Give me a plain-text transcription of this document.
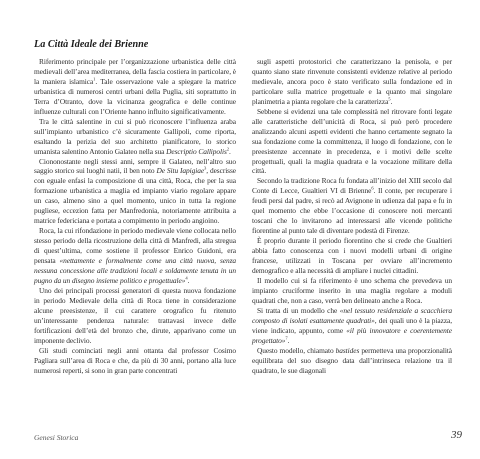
La Città Ideale dei Brienne

Riferimento principale per l’organizzazione urbanistica delle città medievali dell’area mediterranea, della fascia costiera in particolare, è la maniera islamica$^1$. Tale osservazione vale a spiegare la matrice urbanistica di numerosi centri urbani della Puglia, siti soprattutto in Terra d’Otranto, dove la vicinanza geografica e delle continue influenze culturali con l’Oriente hanno influito significativamente.

Tra le città salentine in cui si può riconoscere l’influenza araba sull’impianto urbanistico c’è sicuramente Gallipoli, come riporta, esaltando la perizia del suo architetto pianificatore, lo storico umanista salentino Antonio Galateo nella sua Descriptio Callipolis$^2$.

Ciononostante negli stessi anni, sempre il Galateo, nell’altro suo saggio storico sui luoghi natii, il ben noto De Situ Iapigiae$^3$, descrisse con eguale enfasi la composizione di una città, Roca, che per la sua formazione urbanistica a maglia ed impianto viario regolare appare un caso, almeno sino a quel momento, unico in tutta la regione pugliese, eccezion fatta per Manfredonia, notoriamente attribuita a matrice federiciana e portata a compimento in periodo angioino.

Roca, la cui rifondazione in periodo medievale viene collocata nello stesso periodo della ricostruzione della città di Manfredi, alla stregua di quest’ultima, come sostiene il professor Enrico Guidoni, era pensata «nettamente e formalmente come una città nuova, senza nessuna concessione alle tradizioni locali e soldamente tenuta in un pugno da un disegno insieme politico e progettuale»$^4$.

Uno dei principali processi generatori di questa nuova fondazione in periodo Medievale della città di Roca tiene in considerazione alcune preesistenze, il cui carattere orografico fu ritenuto un’interessante pendenza naturale: trattavasi invece delle fortificazioni dell’età del bronzo che, dirute, apparivano come un imponente declivio.

Gli studi cominciati negli anni ottanta dal professor Cosimo Pagliara sull’area di Roca e che, da più di 30 anni, portano alla luce numerosi reperti, si sono in gran parte concentrati

sugli aspetti protostorici che caratterizzano la penisola, e per quanto siano state rinvenute consistenti evidenze relative al periodo medievale, ancora poco è stato verificato sulla fondazione ed in particolare sulla matrice progettuale e la quanto mai singolare planimetria a pianta regolare che la caratterizza$^5$.

Sebbene si evidenzi una tale complessità nel ritrovare fonti legate alle caratteristiche dell’unicità di Roca, si può però procedere analizzando alcuni aspetti evidenti che hanno certamente segnato la sua fondazione come la committenza, il luogo di fondazione, con le preesistenze accennate in precedenza, e i motivi delle scelte progettuali, quali la maglia quadrata e la vocazione militare della città.

Secondo la tradizione Roca fu fondata all’inizio del XIII secolo dal Conte di Lecce, Gualtieri VI di Brienne$^6$. Il conte, per recuperare i feudi persi dal padre, si recò ad Avignone in udienza dal papa e fu in quel momento che ebbe l’occasione di conoscere noti mercanti toscani che lo invitarono ad interessarsi alle vicende politiche fiorentine al punto tale di diventare podestà di Firenze.

È proprio durante il periodo fiorentino che si crede che Gualtieri abbia fatto conoscenza con i nuovi modelli urbani di origine francese, utilizzati in Toscana per ovviare all’incremento demografico e alla necessità di ampliare i nuclei cittadini.

Il modello cui si fa riferimento è uno schema che prevedeva un impianto cruciforme inserito in una maglia regolare a moduli quadrati che, non a caso, verrà ben delineato anche a Roca.

Si tratta di un modello che «nel tessuto residenziale a scacchiera composto di isolati esattamente quadrati», dei quali uno è la piazza, viene indicato, appunto, come «il più innovatore e coerentemente progettato»$^7$.

Questo modello, chiamato bastides permetteva una proporzionalità equilibrata del suo disegno data dall’intrinseca relazione tra il quadrato, le sue diagonali

Genesi Storica	39
